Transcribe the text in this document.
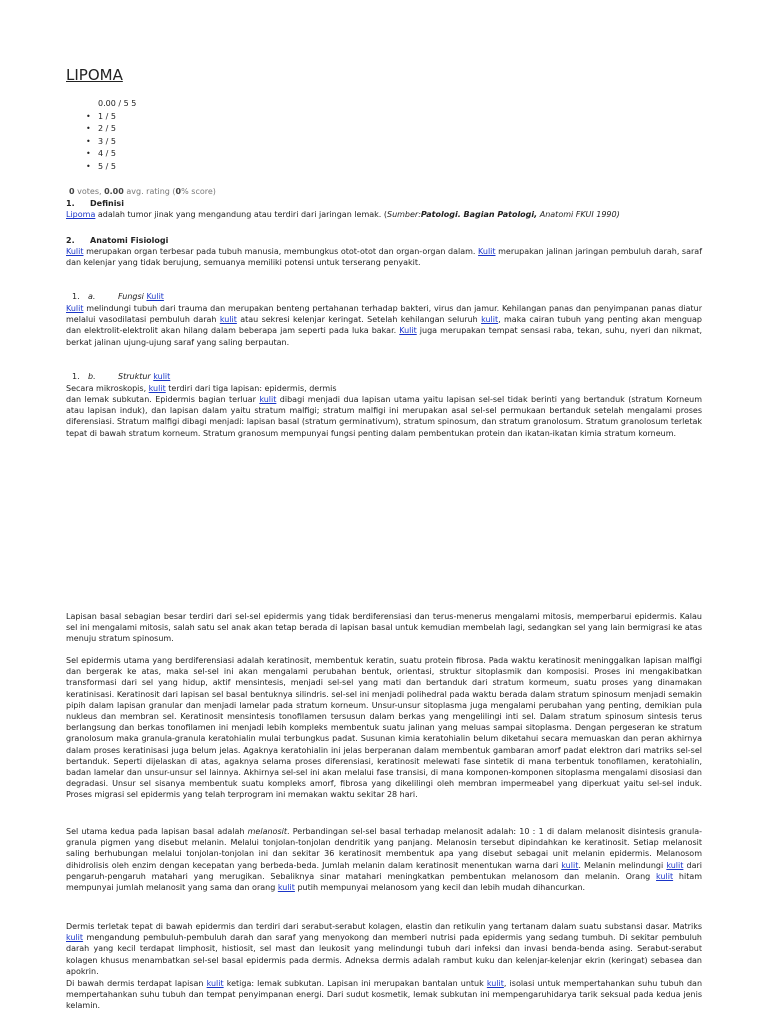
LIPOMA
0.00 / 5 5
• 1 / 5
• 2 / 5
• 3 / 5
• 4 / 5
• 5 / 5
0 votes, 0.00 avg. rating (0% score)
1. Definisi

Lipoma adalah tumor jinak yang mengandung atau terdiri dari jaringan lemak. (Sumber:Patologi. Bagian Patologi, Anatomi FKUI 1990)

2. Anatomi Fisiologi

Kulit merupakan organ terbesar pada tubuh manusia, membungkus otot-otot dan organ-organ dalam. Kulit merupakan jalinan jaringan pembuluh darah, saraf dan kelenjar yang tidak berujung, semuanya memiliki potensi untuk terserang penyakit.

1. a.	Fungsi Kulit

Kulit melindungi tubuh dari trauma dan merupakan benteng pertahanan terhadap bakteri, virus dan jamur. Kehilangan panas dan penyimpanan panas diatur melalui vasodilatasi pembuluh darah kulit atau sekresi kelenjar keringat. Setelah kehilangan seluruh kulit, maka cairan tubuh yang penting akan menguap dan elektrolit-elektrolit akan hilang dalam beberapa jam seperti pada luka bakar. Kulit juga merupakan tempat sensasi raba, tekan, suhu, nyeri dan nikmat, berkat jalinan ujung-ujung saraf yang saling berpautan.

1. b.	Struktur kulit
Secara mikroskopis, kulit terdiri dari tiga lapisan: epidermis, dermis

dan lemak subkutan. Epidermis bagian terluar kulit dibagi menjadi dua lapisan utama yaitu lapisan sel-sel tidak berinti yang bertanduk (stratum Korneum atau lapisan induk), dan lapisan dalam yaitu stratum malfigi; stratum malfigi ini merupakan asal sel-sel permukaan bertanduk setelah mengalami proses diferensiasi. Stratum malfigi dibagi menjadi: lapisan basal (stratum germinativum), stratum spinosum, dan stratum granolosum. Stratum granolosum terletak tepat di bawah stratum korneum. Stratum granosum mempunyai fungsi penting dalam pembentukan protein dan ikatan-ikatan kimia stratum korneum.

Lapisan basal sebagian besar terdiri dari sel-sel epidermis yang tidak berdiferensiasi dan terus-menerus mengalami mitosis, memperbarui epidermis. Kalau sel ini mengalami mitosis, salah satu sel anak akan tetap berada di lapisan basal untuk kemudian membelah lagi, sedangkan sel yang lain bermigrasi ke atas menuju stratum spinosum.

Sel epidermis utama yang berdiferensiasi adalah keratinosit, membentuk keratin, suatu protein fibrosa. Pada waktu keratinosit meninggalkan lapisan malfigi dan bergerak ke atas, maka sel-sel ini akan mengalami perubahan bentuk, orientasi, struktur sitoplasmik dan komposisi. Proses ini mengakibatkan transformasi dari sel yang hidup, aktif mensintesis, menjadi sel-sel yang mati dan bertanduk dari stratum kormeum, suatu proses yang dinamakan keratinisasi. Keratinosit dari lapisan sel basal bentuknya silindris. sel-sel ini menjadi polihedral pada waktu berada dalam stratum spinosum menjadi semakin pipih dalam lapisan granular dan menjadi lamelar pada stratum korneum. Unsur-unsur sitoplasma juga mengalami perubahan yang penting, demikian pula nukleus dan membran sel. Keratinosit mensintesis tonofilamen tersusun dalam berkas yang mengelilingi inti sel. Dalam stratum spinosum sintesis terus berlangsung dan berkas tonofilamen ini menjadi lebih kompleks membentuk suatu jalinan yang meluas sampai sitoplasma. Dengan pergeseran ke stratum granolosum maka granula-granula keratohialin mulai terbungkus padat. Susunan kimia keratohialin belum diketahui secara memuaskan dan peran akhirnya dalam proses keratinisasi juga belum jelas. Agaknya keratohialin ini jelas berperanan dalam membentuk gambaran amorf padat elektron dari matriks sel-sel bertanduk. Seperti dijelaskan di atas, agaknya selama proses diferensiasi, keratinosit melewati fase sintetik di mana terbentuk tonofilamen, keratohialin, badan lamelar dan unsur-unsur sel lainnya. Akhirnya sel-sel ini akan melalui fase transisi, di mana komponen-komponen sitoplasma mengalami disosiasi dan degradasi. Unsur sel sisanya membentuk suatu kompleks amorf, fibrosa yang dikelilingi oleh membran impermeabel yang diperkuat yaitu sel-sel induk. Proses migrasi sel epidermis yang telah terprogram ini memakan waktu sekitar 28 hari.

Sel utama kedua pada lapisan basal adalah melanosit. Perbandingan sel-sel basal terhadap melanosit adalah: 10 : 1 di dalam melanosit disintesis granula-granula pigmen yang disebut melanin. Melalui tonjolan-tonjolan dendritik yang panjang. Melanosin tersebut dipindahkan ke keratinosit. Setiap melanosit saling berhubungan melalui tonjolan-tonjolan ini dan sekitar 36 keratinosit membentuk apa yang disebut sebagai unit melanin epidermis. Melanosom dihidrolisis oleh enzim dengan kecepatan yang berbeda-beda. Jumlah melanin dalam keratinosit menentukan warna dari kulit. Melanin melindungi kulit dari pengaruh-pengaruh matahari yang merugikan. Sebaliknya sinar matahari meningkatkan pembentukan melanosom dan melanin. Orang kulit hitam mempunyai jumlah melanosit yang sama dan orang kulit putih mempunyai melanosom yang kecil dan lebih mudah dihancurkan.

Dermis terletak tepat di bawah epidermis dan terdiri dari serabut-serabut kolagen, elastin dan retikulin yang tertanam dalam suatu substansi dasar. Matriks kulit mengandung pembuluh-pembuluh darah dan saraf yang menyokong dan memberi nutrisi pada epidermis yang sedang tumbuh. Di sekitar pembuluh darah yang kecil terdapat limphosit, histiosit, sel mast dan leukosit yang melindungi tubuh dari infeksi dan invasi benda-benda asing. Serabut-serabut kolagen khusus menambatkan sel-sel basal epidermis pada dermis. Adneksa dermis adalah rambut kuku dan kelenjar-kelenjar ekrin (keringat) sebasea dan apokrin.

Di bawah dermis terdapat lapisan kulit ketiga: lemak subkutan. Lapisan ini merupakan bantalan untuk kulit, isolasi untuk mempertahankan suhu tubuh dan mempertahankan suhu tubuh dan tempat penyimpanan energi. Dari sudut kosmetik, lemak subkutan ini mempengaruhidarya tarik seksual pada kedua jenis kelamin.
